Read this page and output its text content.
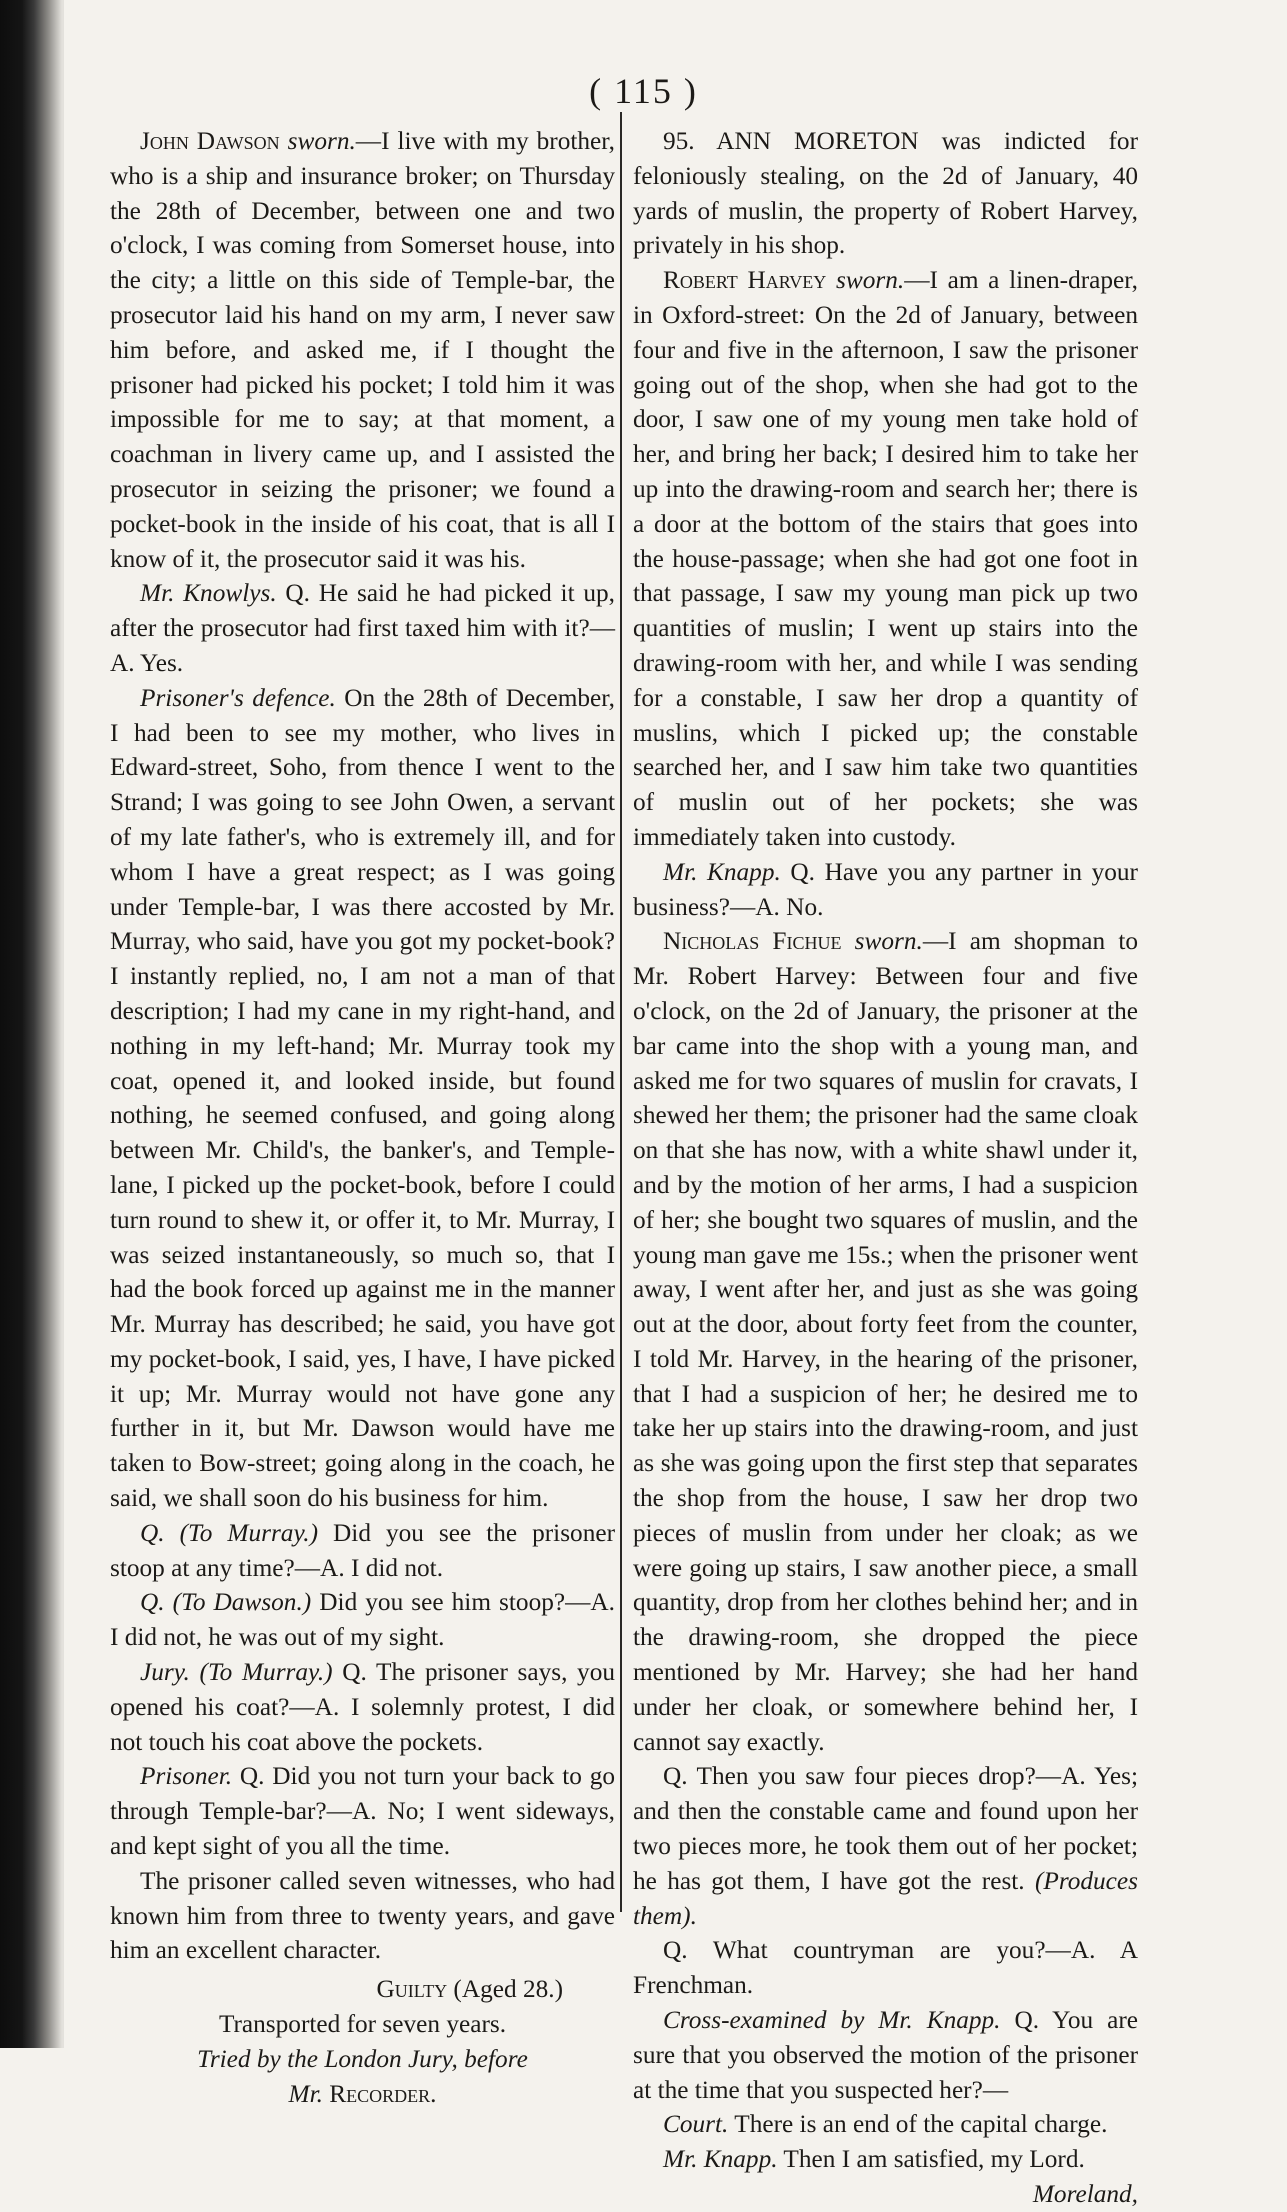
( 115 )

John Dawson sworn.—I live with my brother, who is a ship and insurance broker; on Thursday the 28th of December, between one and two o'clock, I was coming from Somerset house, into the city; a little on this side of Temple-bar, the prosecutor laid his hand on my arm, I never saw him before, and asked me, if I thought the prisoner had picked his pocket; I told him it was impossible for me to say; at that moment, a coachman in livery came up, and I assisted the prosecutor in seizing the prisoner; we found a pocket-book in the inside of his coat, that is all I know of it, the prosecutor said it was his.

Mr. Knowlys. Q. He said he had picked it up, after the prosecutor had first taxed him with it?—A. Yes.

Prisoner's defence. On the 28th of December, I had been to see my mother, who lives in Edward-street, Soho, from thence I went to the Strand; I was going to see John Owen, a servant of my late father's, who is extremely ill, and for whom I have a great respect; as I was going under Temple-bar, I was there accosted by Mr. Murray, who said, have you got my pocket-book? I instantly replied, no, I am not a man of that description; I had my cane in my right-hand, and nothing in my left-hand; Mr. Murray took my coat, opened it, and looked inside, but found nothing, he seemed confused, and going along between Mr. Child's, the banker's, and Temple-lane, I picked up the pocket-book, before I could turn round to shew it, or offer it, to Mr. Murray, I was seized instantaneously, so much so, that I had the book forced up against me in the manner Mr. Murray has described; he said, you have got my pocket-book, I said, yes, I have, I have picked it up; Mr. Murray would not have gone any further in it, but Mr. Dawson would have me taken to Bow-street; going along in the coach, he said, we shall soon do his business for him.

Q. (To Murray.) Did you see the prisoner stoop at any time?—A. I did not.

Q. (To Dawson.) Did you see him stoop?—A. I did not, he was out of my sight.

Jury. (To Murray.) Q. The prisoner says, you opened his coat?—A. I solemnly protest, I did not touch his coat above the pockets.

Prisoner. Q. Did you not turn your back to go through Temple-bar?—A. No; I went sideways, and kept sight of you all the time.

The prisoner called seven witnesses, who had known him from three to twenty years, and gave him an excellent character.

Guilty (Aged 28.)

Transported for seven years.

Tried by the London Jury, before

Mr. Recorder.

95. ANN MORETON was indicted for feloniously stealing, on the 2d of January, 40 yards of muslin, the property of Robert Harvey, privately in his shop.

Robert Harvey sworn.—I am a linen-draper, in Oxford-street: On the 2d of January, between four and five in the afternoon, I saw the prisoner going out of the shop, when she had got to the door, I saw one of my young men take hold of her, and bring her back; I desired him to take her up into the drawing-room and search her; there is a door at the bottom of the stairs that goes into the house-passage; when she had got one foot in that passage, I saw my young man pick up two quantities of muslin; I went up stairs into the drawing-room with her, and while I was sending for a constable, I saw her drop a quantity of muslins, which I picked up; the constable searched her, and I saw him take two quantities of muslin out of her pockets; she was immediately taken into custody.

Mr. Knapp. Q. Have you any partner in your business?—A. No.

Nicholas Fichue sworn.—I am shopman to Mr. Robert Harvey: Between four and five o'clock, on the 2d of January, the prisoner at the bar came into the shop with a young man, and asked me for two squares of muslin for cravats, I shewed her them; the prisoner had the same cloak on that she has now, with a white shawl under it, and by the motion of her arms, I had a suspicion of her; she bought two squares of muslin, and the young man gave me 15s.; when the prisoner went away, I went after her, and just as she was going out at the door, about forty feet from the counter, I told Mr. Harvey, in the hearing of the prisoner, that I had a suspicion of her; he desired me to take her up stairs into the drawing-room, and just as she was going upon the first step that separates the shop from the house, I saw her drop two pieces of muslin from under her cloak; as we were going up stairs, I saw another piece, a small quantity, drop from her clothes behind her; and in the drawing-room, she dropped the piece mentioned by Mr. Harvey; she had her hand under her cloak, or somewhere behind her, I cannot say exactly.

Q. Then you saw four pieces drop?—A. Yes; and then the constable came and found upon her two pieces more, he took them out of her pocket; he has got them, I have got the rest. (Produces them).

Q. What countryman are you?—A. A Frenchman.

Cross-examined by Mr. Knapp. Q. You are sure that you observed the motion of the prisoner at the time that you suspected her?—

Court. There is an end of the capital charge.

Mr. Knapp. Then I am satisfied, my Lord.

Moreland,
